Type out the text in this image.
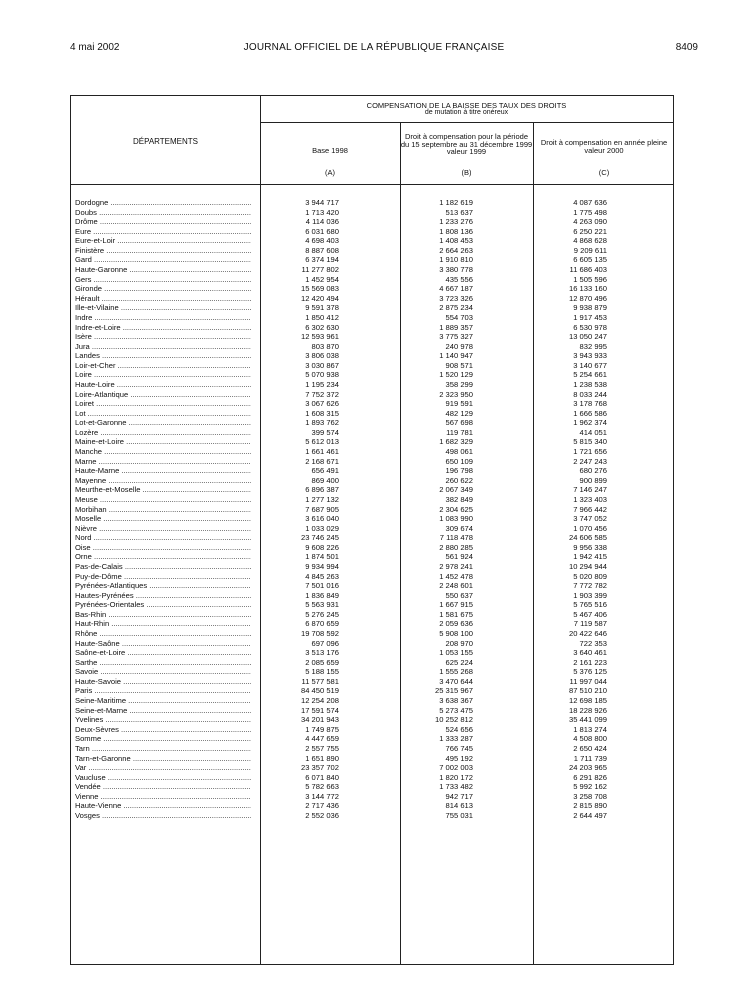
4 mai 2002	JOURNAL OFFICIEL DE LA RÉPUBLIQUE FRANÇAISE	8409
COMPENSATION DE LA BAISSE DES TAUX DES DROITS
de mutation à titre onéreux
DÉPARTEMENTS
Base 1998
(A)
Droit à compensation pour la période du 15 septembre au 31 décembre 1999 valeur 1999
(B)
Droit à compensation en année pleine valeur 2000
(C)
Dordogne .....	3 944 717	1 182 619	4 087 636
Doubs .....	1 713 420	513 637	1 775 498
Drôme .....	4 114 036	1 233 276	4 263 090
Eure .....	6 031 680	1 808 136	6 250 221
Eure-et-Loir .....	4 698 403	1 408 453	4 868 628
Finistère .....	8 887 608	2 664 263	9 209 611
Gard .....	6 374 194	1 910 810	6 605 135
Haute-Garonne .....	11 277 802	3 380 778	11 686 403
Gers .....	1 452 954	435 556	1 505 596
Gironde .....	15 569 083	4 667 187	16 133 160
Hérault .....	12 420 494	3 723 326	12 870 496
Ille-et-Vilaine .....	9 591 378	2 875 234	9 938 879
Indre .....	1 850 412	554 703	1 917 453
Indre-et-Loire .....	6 302 630	1 889 357	6 530 978
Isère .....	12 593 961	3 775 327	13 050 247
Jura .....	803 870	240 978	832 995
Landes .....	3 806 038	1 140 947	3 943 933
Loir-et-Cher .....	3 030 867	908 571	3 140 677
Loire .....	5 070 938	1 520 129	5 254 661
Haute-Loire .....	1 195 234	358 299	1 238 538
Loire-Atlantique .....	7 752 372	2 323 950	8 033 244
Loiret .....	3 067 626	919 591	3 178 768
Lot .....	1 608 315	482 129	1 666 586
Lot-et-Garonne .....	1 893 762	567 698	1 962 374
Lozère .....	399 574	119 781	414 051
Maine-et-Loire .....	5 612 013	1 682 329	5 815 340
Manche .....	1 661 461	498 061	1 721 656
Marne .....	2 168 671	650 109	2 247 243
Haute-Marne .....	656 491	196 798	680 276
Mayenne .....	869 400	260 622	900 899
Meurthe-et-Moselle .....	6 896 387	2 067 349	7 146 247
Meuse .....	1 277 132	382 849	1 323 403
Morbihan .....	7 687 905	2 304 625	7 966 442
Moselle .....	3 616 040	1 083 990	3 747 052
Nièvre .....	1 033 029	309 674	1 070 456
Nord .....	23 746 245	7 118 478	24 606 585
Oise .....	9 608 226	2 880 285	9 956 338
Orne .....	1 874 501	561 924	1 942 415
Pas-de-Calais .....	9 934 994	2 978 241	10 294 944
Puy-de-Dôme .....	4 845 263	1 452 478	5 020 809
Pyrénées-Atlantiques .....	7 501 016	2 248 601	7 772 782
Hautes-Pyrénées .....	1 836 849	550 637	1 903 399
Pyrénées-Orientales .....	5 563 931	1 667 915	5 765 516
Bas-Rhin .....	5 276 245	1 581 675	5 467 406
Haut-Rhin .....	6 870 659	2 059 636	7 119 587
Rhône .....	19 708 592	5 908 100	20 422 646
Haute-Saône .....	697 096	208 970	722 353
Saône-et-Loire .....	3 513 176	1 053 155	3 640 461
Sarthe .....	2 085 659	625 224	2 161 223
Savoie .....	5 188 155	1 555 268	5 376 125
Haute-Savoie .....	11 577 581	3 470 644	11 997 044
Paris .....	84 450 519	25 315 967	87 510 210
Seine-Maritime .....	12 254 208	3 638 367	12 698 185
Seine-et-Marne .....	17 591 574	5 273 475	18 228 926
Yvelines .....	34 201 943	10 252 812	35 441 099
Deux-Sèvres .....	1 749 875	524 656	1 813 274
Somme .....	4 447 659	1 333 287	4 508 800
Tarn .....	2 557 755	766 745	2 650 424
Tarn-et-Garonne .....	1 651 890	495 192	1 711 739
Var .....	23 357 702	7 002 003	24 203 965
Vaucluse .....	6 071 840	1 820 172	6 291 826
Vendée .....	5 782 663	1 733 482	5 992 162
Vienne .....	3 144 772	942 717	3 258 708
Haute-Vienne .....	2 717 436	814 613	2 815 890
Vosges .....	2 552 036	755 031	2 644 497
